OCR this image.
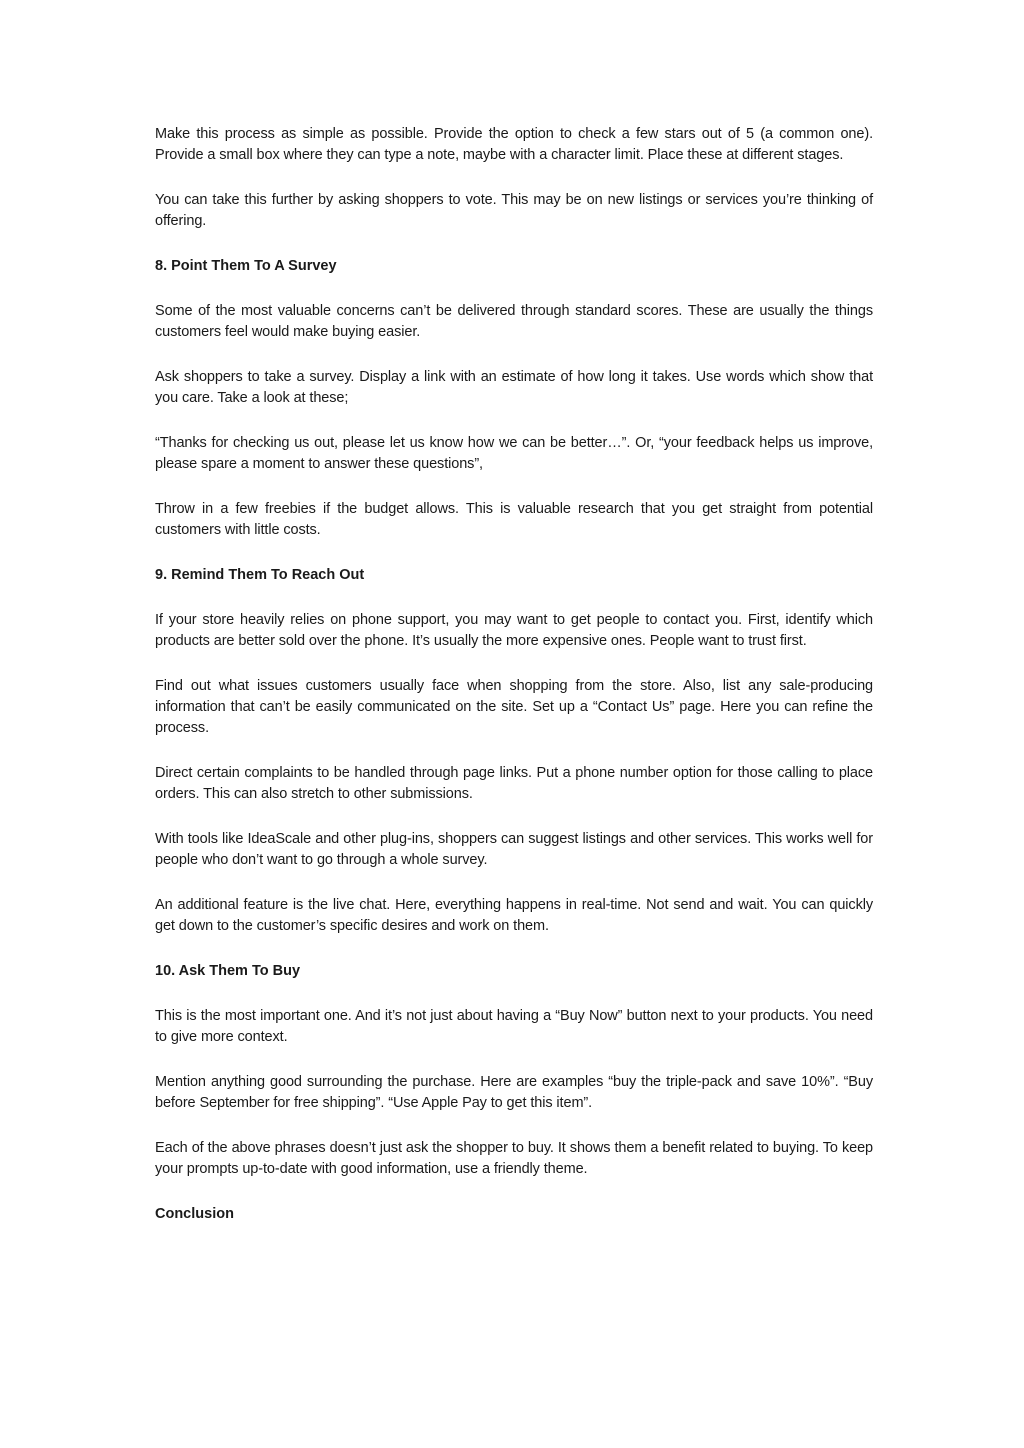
Make this process as simple as possible. Provide the option to check a few stars out of 5 (a common one). Provide a small box where they can type a note, maybe with a character limit. Place these at different stages.

You can take this further by asking shoppers to vote. This may be on new listings or services you’re thinking of offering.

8. Point Them To A Survey

Some of the most valuable concerns can’t be delivered through standard scores. These are usually the things customers feel would make buying easier.

Ask shoppers to take a survey. Display a link with an estimate of how long it takes. Use words which show that you care. Take a look at these;

“Thanks for checking us out, please let us know how we can be better…”. Or, “your feedback helps us improve, please spare a moment to answer these questions”,

Throw in a few freebies if the budget allows. This is valuable research that you get straight from potential customers with little costs.

9. Remind Them To Reach Out

If your store heavily relies on phone support, you may want to get people to contact you. First, identify which products are better sold over the phone. It’s usually the more expensive ones. People want to trust first.

Find out what issues customers usually face when shopping from the store. Also, list any sale-producing information that can’t be easily communicated on the site. Set up a “Contact Us” page. Here you can refine the process.

Direct certain complaints to be handled through page links. Put a phone number option for those calling to place orders. This can also stretch to other submissions.

With tools like IdeaScale and other plug-ins, shoppers can suggest listings and other services. This works well for people who don’t want to go through a whole survey.

An additional feature is the live chat. Here, everything happens in real-time. Not send and wait. You can quickly get down to the customer’s specific desires and work on them.

10. Ask Them To Buy

This is the most important one. And it’s not just about having a “Buy Now” button next to your products. You need to give more context.

Mention anything good surrounding the purchase. Here are examples “buy the triple-pack and save 10%”. “Buy before September for free shipping”. “Use Apple Pay to get this item”.

Each of the above phrases doesn’t just ask the shopper to buy. It shows them a benefit related to buying. To keep your prompts up-to-date with good information, use a friendly theme.

Conclusion
